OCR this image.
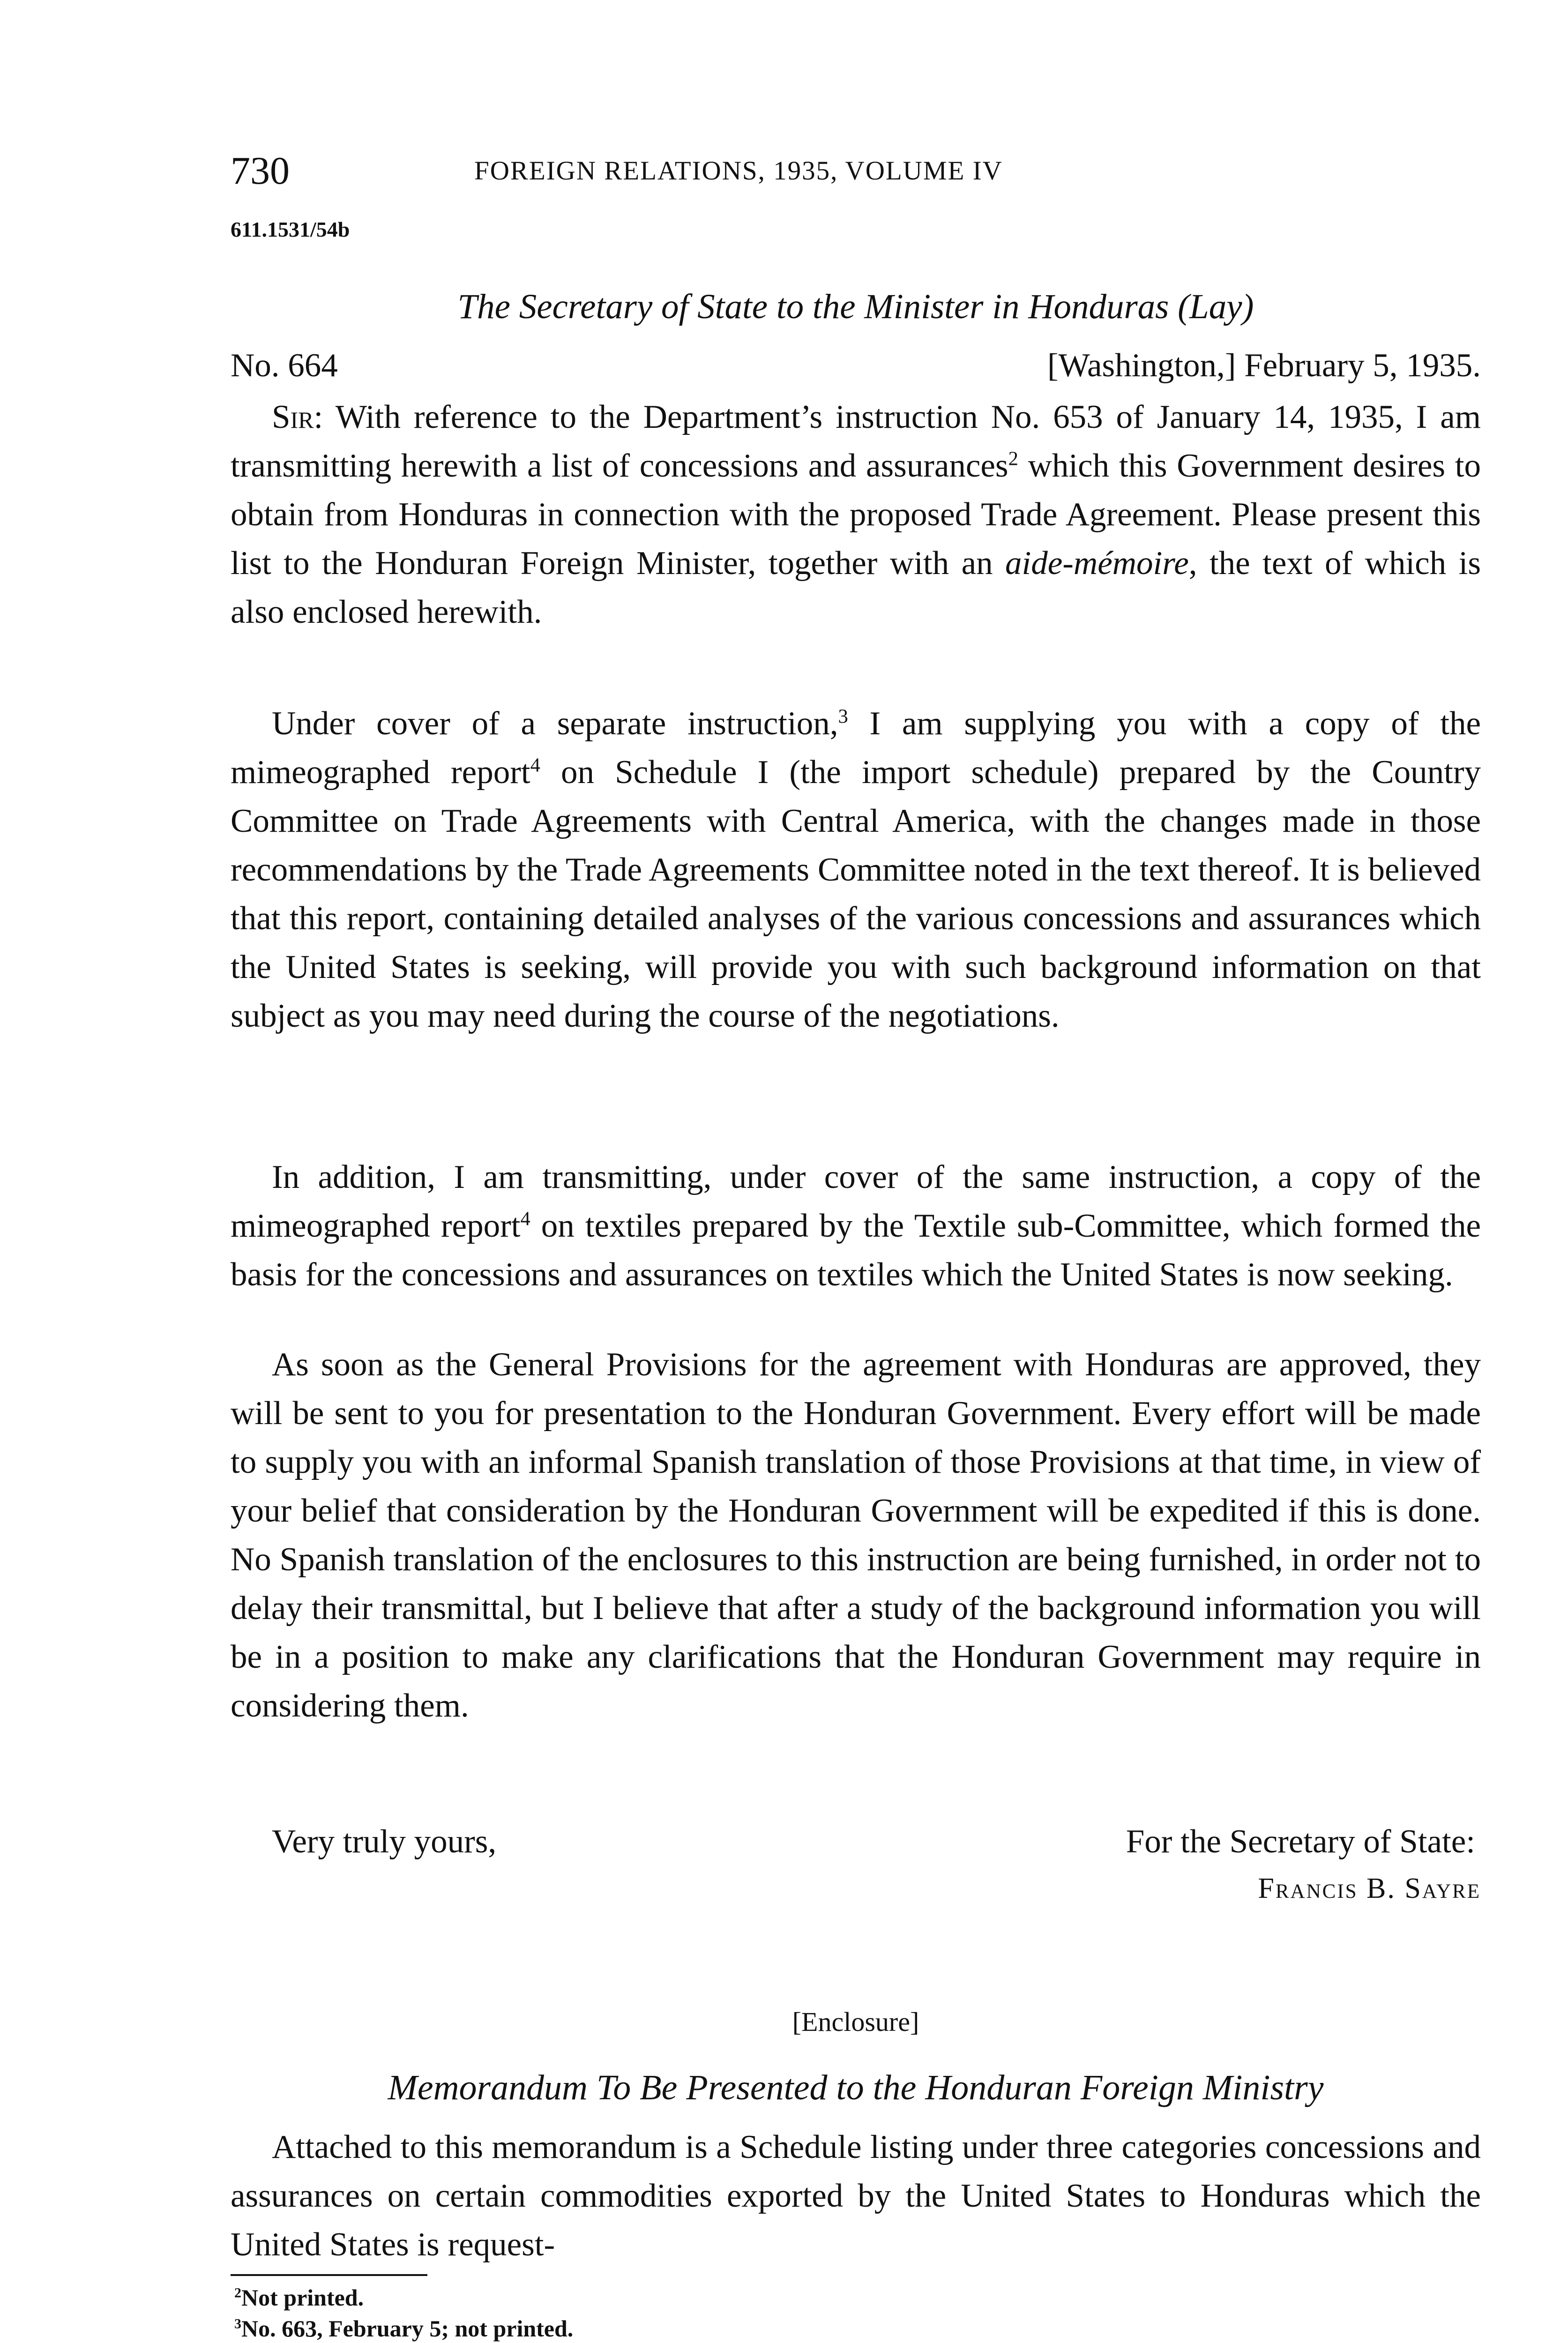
730	FOREIGN RELATIONS, 1935, VOLUME IV
611.1531/54b
The Secretary of State to the Minister in Honduras (Lay)
No. 664	[Washington,] February 5, 1935.

Sir: With reference to the Department’s instruction No. 653 of January 14, 1935, I am transmitting herewith a list of concessions and assurances$^2$ which this Government desires to obtain from Honduras in connection with the proposed Trade Agreement. Please present this list to the Honduran Foreign Minister, together with an aide-mémoire, the text of which is also enclosed herewith.

Under cover of a separate instruction,$^3$ I am supplying you with a copy of the mimeographed report$^4$ on Schedule I (the import schedule) prepared by the Country Committee on Trade Agreements with Central America, with the changes made in those recommendations by the Trade Agreements Committee noted in the text thereof. It is believed that this report, containing detailed analyses of the various concessions and assurances which the United States is seeking, will provide you with such background information on that subject as you may need during the course of the negotiations.

In addition, I am transmitting, under cover of the same instruction, a copy of the mimeographed report$^4$ on textiles prepared by the Textile sub-Committee, which formed the basis for the concessions and assurances on textiles which the United States is now seeking.

As soon as the General Provisions for the agreement with Honduras are approved, they will be sent to you for presentation to the Honduran Government. Every effort will be made to supply you with an informal Spanish translation of those Provisions at that time, in view of your belief that consideration by the Honduran Government will be expedited if this is done. No Spanish translation of the enclosures to this instruction are being furnished, in order not to delay their transmittal, but I believe that after a study of the background information you will be in a position to make any clarifications that the Honduran Government may require in considering them.

Very truly yours,	For the Secretary of State:
Francis B. Sayre
[Enclosure]
Memorandum To Be Presented to the Honduran Foreign Ministry

Attached to this memorandum is a Schedule listing under three categories concessions and assurances on certain commodities exported by the United States to Honduras which the United States is request-

$^2$Not printed.
$^3$No. 663, February 5; not printed.
